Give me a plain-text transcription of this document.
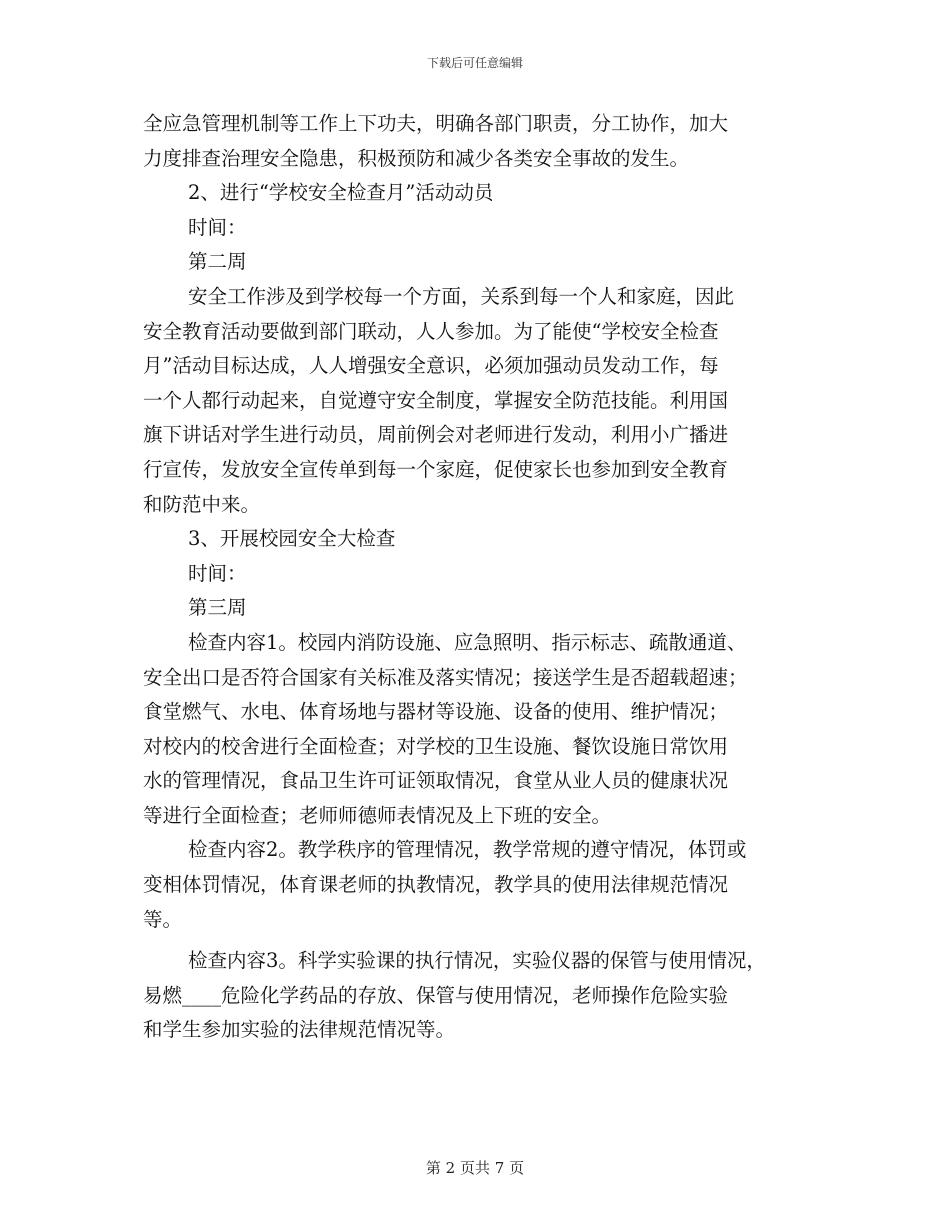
下载后可任意编辑
全应急管理机制等工作上下功夫，明确各部门职责，分工协作，加大
力度排查治理安全隐患，积极预防和减少各类安全事故的发生。
2、进行“学校安全检查月”活动动员
时间：
第二周
安全工作涉及到学校每一个方面，关系到每一个人和家庭，因此
安全教育活动要做到部门联动，人人参加。为了能使“学校安全检查
月”活动目标达成，人人增强安全意识，必须加强动员发动工作，每
一个人都行动起来，自觉遵守安全制度，掌握安全防范技能。利用国
旗下讲话对学生进行动员，周前例会对老师进行发动，利用小广播进
行宣传，发放安全宣传单到每一个家庭，促使家长也参加到安全教育
和防范中来。
3、开展校园安全大检查
时间：
第三周
检查内容1。校园内消防设施、应急照明、指示标志、疏散通道、
安全出口是否符合国家有关标准及落实情况；接送学生是否超载超速；
食堂燃气、水电、体育场地与器材等设施、设备的使用、维护情况；
对校内的校舍进行全面检查；对学校的卫生设施、餐饮设施日常饮用
水的管理情况，食品卫生许可证领取情况，食堂从业人员的健康状况
等进行全面检查；老师师德师表情况及上下班的安全。
检查内容2。教学秩序的管理情况，教学常规的遵守情况，体罚或
变相体罚情况，体育课老师的执教情况，教学具的使用法律规范情况
等。
检查内容3。科学实验课的执行情况，实验仪器的保管与使用情况，
易燃____危险化学药品的存放、保管与使用情况，老师操作危险实验
和学生参加实验的法律规范情况等。
第 2 页共 7 页
